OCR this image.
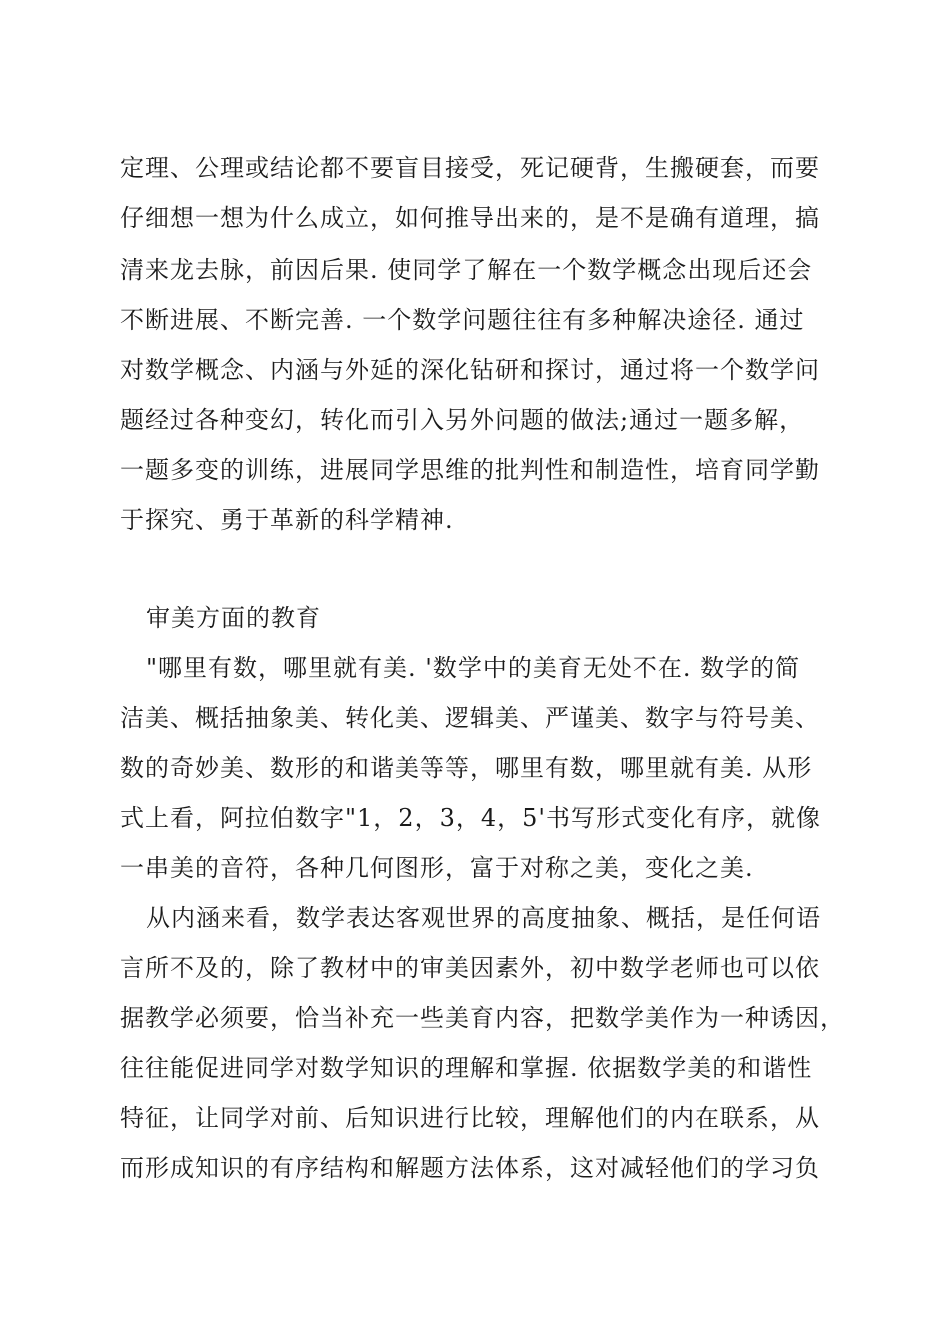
定理、公理或结论都不要盲目接受，死记硬背，生搬硬套，而要
仔细想一想为什么成立，如何推导出来的，是不是确有道理，搞
清来龙去脉，前因后果. 使同学了解在一个数学概念出现后还会
不断进展、不断完善. 一个数学问题往往有多种解决途径. 通过
对数学概念、内涵与外延的深化钻研和探讨，通过将一个数学问
题经过各种变幻，转化而引入另外问题的做法;通过一题多解，
一题多变的训练，进展同学思维的批判性和制造性，培育同学勤
于探究、勇于革新的科学精神.
审美方面的教育
"哪里有数，哪里就有美. '数学中的美育无处不在. 数学的简
洁美、概括抽象美、转化美、逻辑美、严谨美、数字与符号美、
数的奇妙美、数形的和谐美等等，哪里有数，哪里就有美. 从形
式上看，阿拉伯数字"1，2，3，4，5'书写形式变化有序，就像
一串美的音符，各种几何图形，富于对称之美，变化之美.
从内涵来看，数学表达客观世界的高度抽象、概括，是任何语
言所不及的，除了教材中的审美因素外，初中数学老师也可以依
据教学必须要，恰当补充一些美育内容，把数学美作为一种诱因，
往往能促进同学对数学知识的理解和掌握. 依据数学美的和谐性
特征，让同学对前、后知识进行比较，理解他们的内在联系，从
而形成知识的有序结构和解题方法体系，这对减轻他们的学习负
